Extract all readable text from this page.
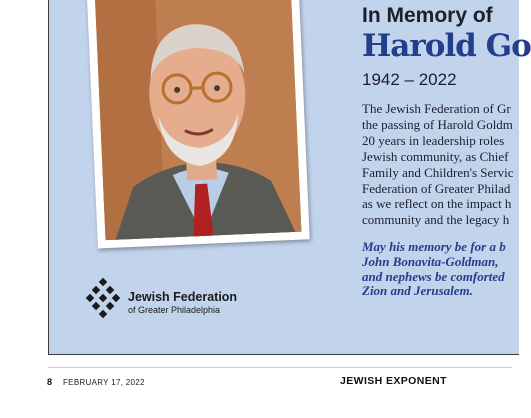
In Memory of
Harold Go
1942 – 2022
The Jewish Federation of Gr
the passing of Harold Goldm
20 years in leadership roles
Jewish community, as Chief
Family and Children's Servic
Federation of Greater Philad
as we reflect on the impact h
community and the legacy h
May his memory be for a b
John Bonavita-Goldman,
and nephews be comforted
Zion and Jerusalem.
Jewish Federation
of Greater Philadelphia
8 FEBRUARY 17, 2022	JEWISH EXPONENT
